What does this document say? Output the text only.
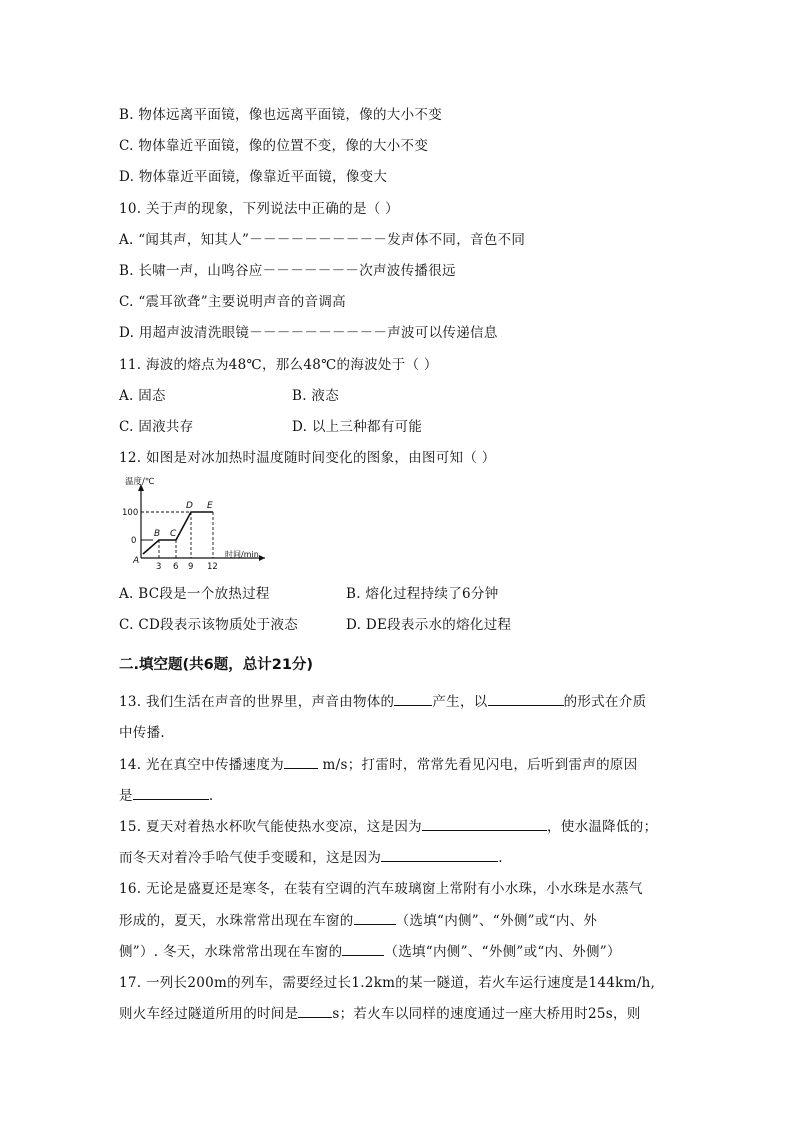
B. 物体远离平面镜，像也远离平面镜，像的大小不变
C. 物体靠近平面镜，像的位置不变，像的大小不变
D. 物体靠近平面镜，像靠近平面镜，像变大
10. 关于声的现象，下列说法中正确的是（ ）
A. “闻其声，知其人”－－－－－－－－－－发声体不同，音色不同
B. 长啸一声，山鸣谷应－－－－－－－次声波传播很远
C. “震耳欲聋”主要说明声音的音调高
D. 用超声波清洗眼镜－－－－－－－－－－声波可以传递信息
11. 海波的熔点为48℃，那么48℃的海波处于（ ）
A. 固态	B. 液态
C. 固液共存	D. 以上三种都有可能
12. 如图是对冰加热时温度随时间变化的图象，由图可知（ ）
温度/℃
时间/min
100
0
3 6 9 12
A
B C
D E
A. BC段是一个放热过程	B. 熔化过程持续了6分钟
C. CD段表示该物质处于液态	D. DE段表示水的熔化过程
二.填空题(共6题，总计21分)
13. 我们生活在声音的世界里，声音由物体的	产生，以	的形式在介质
中传播.
14. 光在真空中传播速度为	m/s；打雷时，常常先看见闪电，后听到雷声的原因
是	.
15. 夏天对着热水杯吹气能使热水变凉，这是因为	，使水温降低的；
而冬天对着冷手哈气使手变暖和，这是因为	.
16. 无论是盛夏还是寒冬，在装有空调的汽车玻璃窗上常附有小水珠，小水珠是水蒸气
形成的，夏天，水珠常常出现在车窗的	（选填“内侧”、“外侧”或“内、外
侧”）. 冬天，水珠常常出现在车窗的	（选填“内侧”、“外侧”或“内、外侧”）
17. 一列长200m的列车，需要经过长1.2km的某一隧道，若火车运行速度是144km/h,
则火车经过隧道所用的时间是	s；若火车以同样的速度通过一座大桥用时25s，则
